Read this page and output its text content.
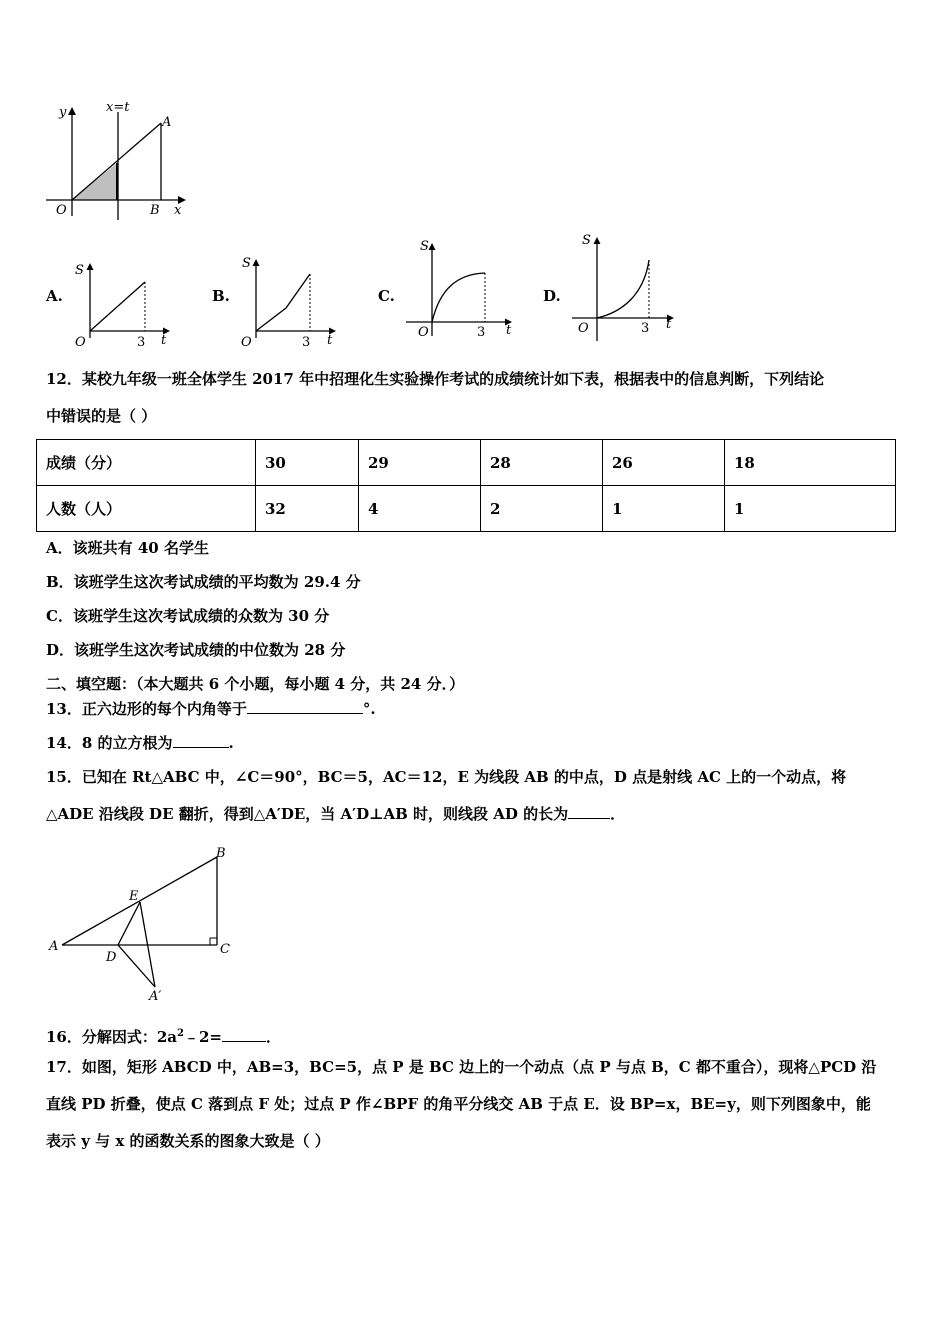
y	x=t
A
O	B x
A.
S
O	3 t
B.
S
O	3 t
C.
S
O	3 t
D.
S
O	3 t
12．某校九年级一班全体学生 2017 年中招理化生实验操作考试的成绩统计如下表，根据表中的信息判断，下列结论
中错误的是（ ）
成绩（分）	30	29	28	26	18
人数（人）	32	4	2	1	1
A．该班共有 40 名学生
B．该班学生这次考试成绩的平均数为 29.4 分
C．该班学生这次考试成绩的众数为 30 分
D．该班学生这次考试成绩的中位数为 28 分
二、填空题：（本大题共 6 个小题，每小题 4 分，共 24 分．）
13．正六边形的每个内角等于	°.
14．8 的立方根为	.
15．已知在 Rt△ABC 中，∠C＝90°，BC＝5，AC＝12，E 为线段 AB 的中点，D 点是射线 AC 上的一个动点，将
△ADE 沿线段 DE 翻折，得到△A′DE，当 A′D⊥AB 时，则线段 AD 的长为	．
B
E
A
D
C
A′
16．分解因式：$2a^2﹣2=$	．
17．如图，矩形 ABCD 中，AB=3，BC=5，点 P 是 BC 边上的一个动点（点 P 与点 B，C 都不重合），现将△PCD 沿
直线 PD 折叠，使点 C 落到点 F 处；过点 P 作∠BPF 的角平分线交 AB 于点 E．设 BP=x，BE=y，则下列图象中，能
表示 y 与 x 的函数关系的图象大致是（ ）
